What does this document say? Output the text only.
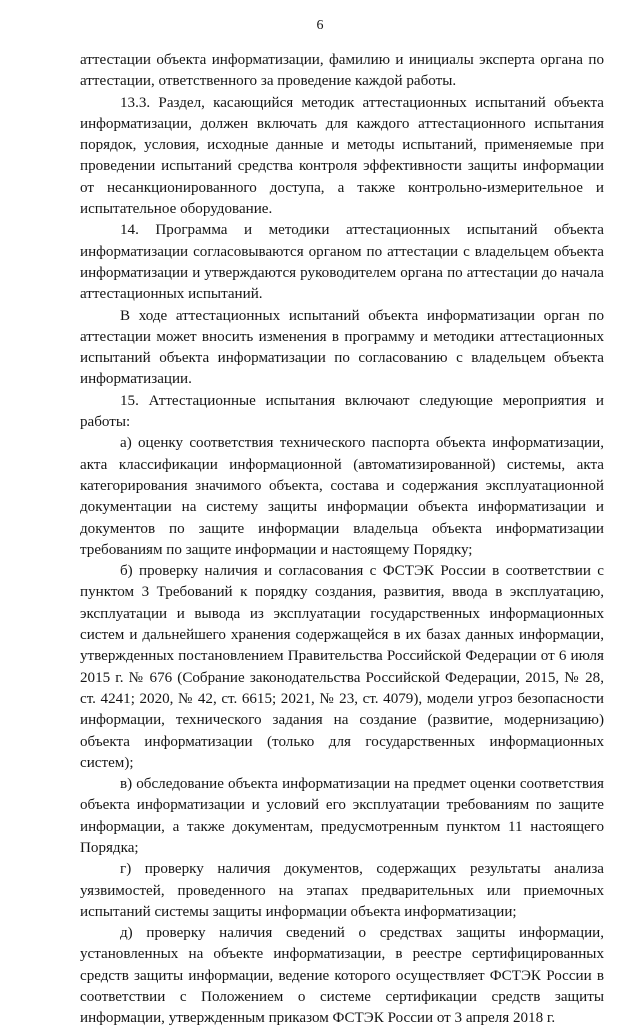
6

аттестации объекта информатизации, фамилию и инициалы эксперта органа по аттестации, ответственного за проведение каждой работы.

13.3. Раздел, касающийся методик аттестационных испытаний объекта информатизации, должен включать для каждого аттестационного испытания порядок, условия, исходные данные и методы испытаний, применяемые при проведении испытаний средства контроля эффективности защиты информации от несанкционированного доступа, а также контрольно-измерительное и испытательное оборудование.

14. Программа и методики аттестационных испытаний объекта информатизации согласовываются органом по аттестации с владельцем объекта информатизации и утверждаются руководителем органа по аттестации до начала аттестационных испытаний.

В ходе аттестационных испытаний объекта информатизации орган по аттестации может вносить изменения в программу и методики аттестационных испытаний объекта информатизации по согласованию с владельцем объекта информатизации.

15. Аттестационные испытания включают следующие мероприятия и работы:

а) оценку соответствия технического паспорта объекта информатизации, акта классификации информационной (автоматизированной) системы, акта категорирования значимого объекта, состава и содержания эксплуатационной документации на систему защиты информации объекта информатизации и документов по защите информации владельца объекта информатизации требованиям по защите информации и настоящему Порядку;

б) проверку наличия и согласования с ФСТЭК России в соответствии с пунктом 3 Требований к порядку создания, развития, ввода в эксплуатацию, эксплуатации и вывода из эксплуатации государственных информационных систем и дальнейшего хранения содержащейся в их базах данных информации, утвержденных постановлением Правительства Российской Федерации от 6 июля 2015 г. № 676 (Собрание законодательства Российской Федерации, 2015, № 28, ст. 4241; 2020, № 42, ст. 6615; 2021, № 23, ст. 4079), модели угроз безопасности информации, технического задания на создание (развитие, модернизацию) объекта информатизации (только для государственных информационных систем);

в) обследование объекта информатизации на предмет оценки соответствия объекта информатизации и условий его эксплуатации требованиям по защите информации, а также документам, предусмотренным пунктом 11 настоящего Порядка;

г) проверку наличия документов, содержащих результаты анализа уязвимостей, проведенного на этапах предварительных или приемочных испытаний системы защиты информации объекта информатизации;

д) проверку наличия сведений о средствах защиты информации, установленных на объекте информатизации, в реестре сертифицированных средств защиты информации, ведение которого осуществляет ФСТЭК России в соответствии с Положением о системе сертификации средств защиты информации, утвержденным приказом ФСТЭК России от 3 апреля 2018 г.
